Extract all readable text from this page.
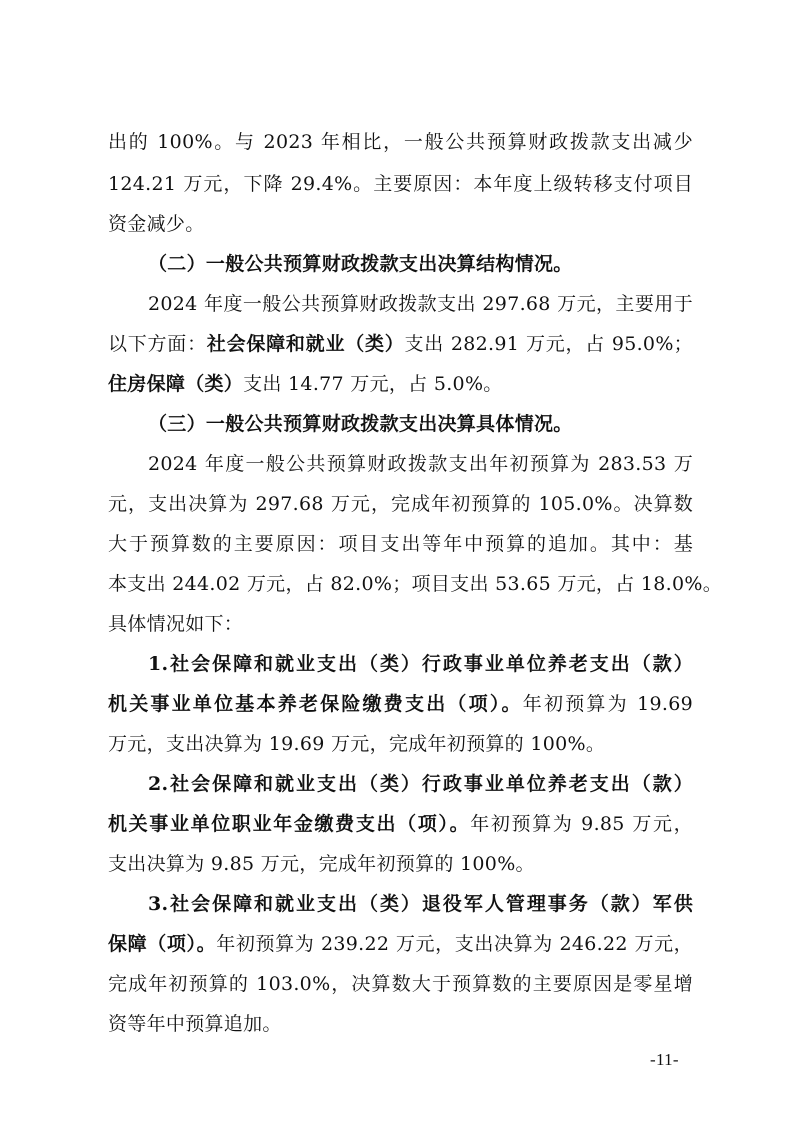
出的 100%。与 2023 年相比，一般公共预算财政拨款支出减少
124.21 万元，下降 29.4%。主要原因：本年度上级转移支付项目
资金减少。
（二）一般公共预算财政拨款支出决算结构情况。
2024 年度一般公共预算财政拨款支出 297.68 万元，主要用于
以下方面：社会保障和就业（类）支出 282.91 万元，占 95.0%；
住房保障（类）支出 14.77 万元，占 5.0%。
（三）一般公共预算财政拨款支出决算具体情况。
2024 年度一般公共预算财政拨款支出年初预算为 283.53 万
元，支出决算为 297.68 万元，完成年初预算的 105.0%。决算数
大于预算数的主要原因：项目支出等年中预算的追加。其中：基
本支出 244.02 万元，占 82.0%；项目支出 53.65 万元，占 18.0%。
具体情况如下：
1.社会保障和就业支出（类）行政事业单位养老支出（款）
机关事业单位基本养老保险缴费支出（项）。年初预算为 19.69
万元，支出决算为 19.69 万元，完成年初预算的 100%。
2.社会保障和就业支出（类）行政事业单位养老支出（款）
机关事业单位职业年金缴费支出（项）。年初预算为 9.85 万元，
支出决算为 9.85 万元，完成年初预算的 100%。
3.社会保障和就业支出（类）退役军人管理事务（款）军供
保障（项）。年初预算为 239.22 万元，支出决算为 246.22 万元，
完成年初预算的 103.0%，决算数大于预算数的主要原因是零星增
资等年中预算追加。
-11-
